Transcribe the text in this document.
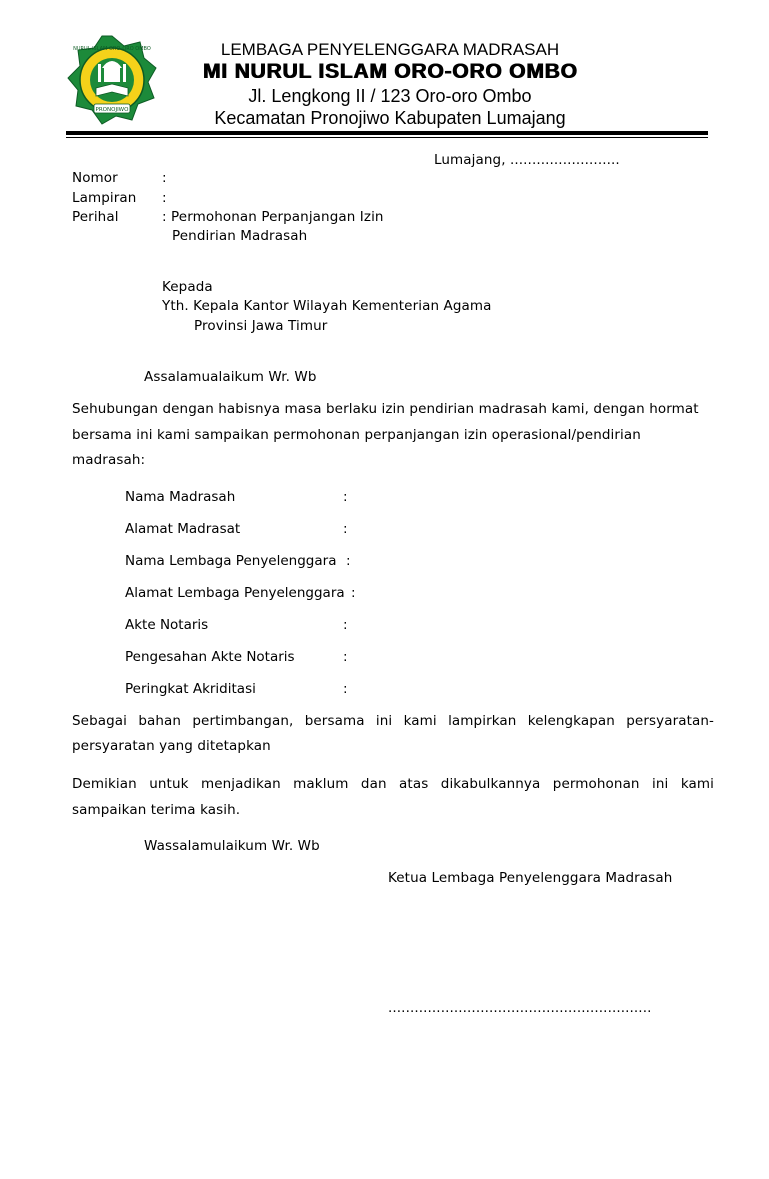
NURUL ISLAM ORO-ORO OMBO
PRONOJIWO
LEMBAGA PENYELENGGARA MADRASAH
MI NURUL ISLAM ORO-ORO OMBO
Jl. Lengkong II / 123 Oro-oro Ombo
Kecamatan Pronojiwo Kabupaten Lumajang
Lumajang, .........................
Nomor	:
Lampiran :
Perihal	: Permohonan Perpanjangan Izin
Pendirian Madrasah
Kepada
Yth. Kepala Kantor Wilayah Kementerian Agama
Provinsi Jawa Timur
Assalamualaikum Wr. Wb
Sehubungan dengan habisnya masa berlaku izin pendirian madrasah kami, dengan hormat
bersama ini kami sampaikan permohonan perpanjangan izin operasional/pendirian
madrasah:
Nama Madrasah	:
Alamat Madrasat	:
Nama Lembaga Penyelenggara :
Alamat Lembaga Penyelenggara :
Akte Notaris	:
Pengesahan Akte Notaris	:
Peringkat Akriditasi	:
Sebagai bahan pertimbangan, bersama ini kami lampirkan kelengkapan persyaratan-
persyaratan yang ditetapkan
Demikian untuk menjadikan maklum dan atas dikabulkannya permohonan ini kami
sampaikan terima kasih.
Wassalamulaikum Wr. Wb
Ketua Lembaga Penyelenggara Madrasah
............................................................
